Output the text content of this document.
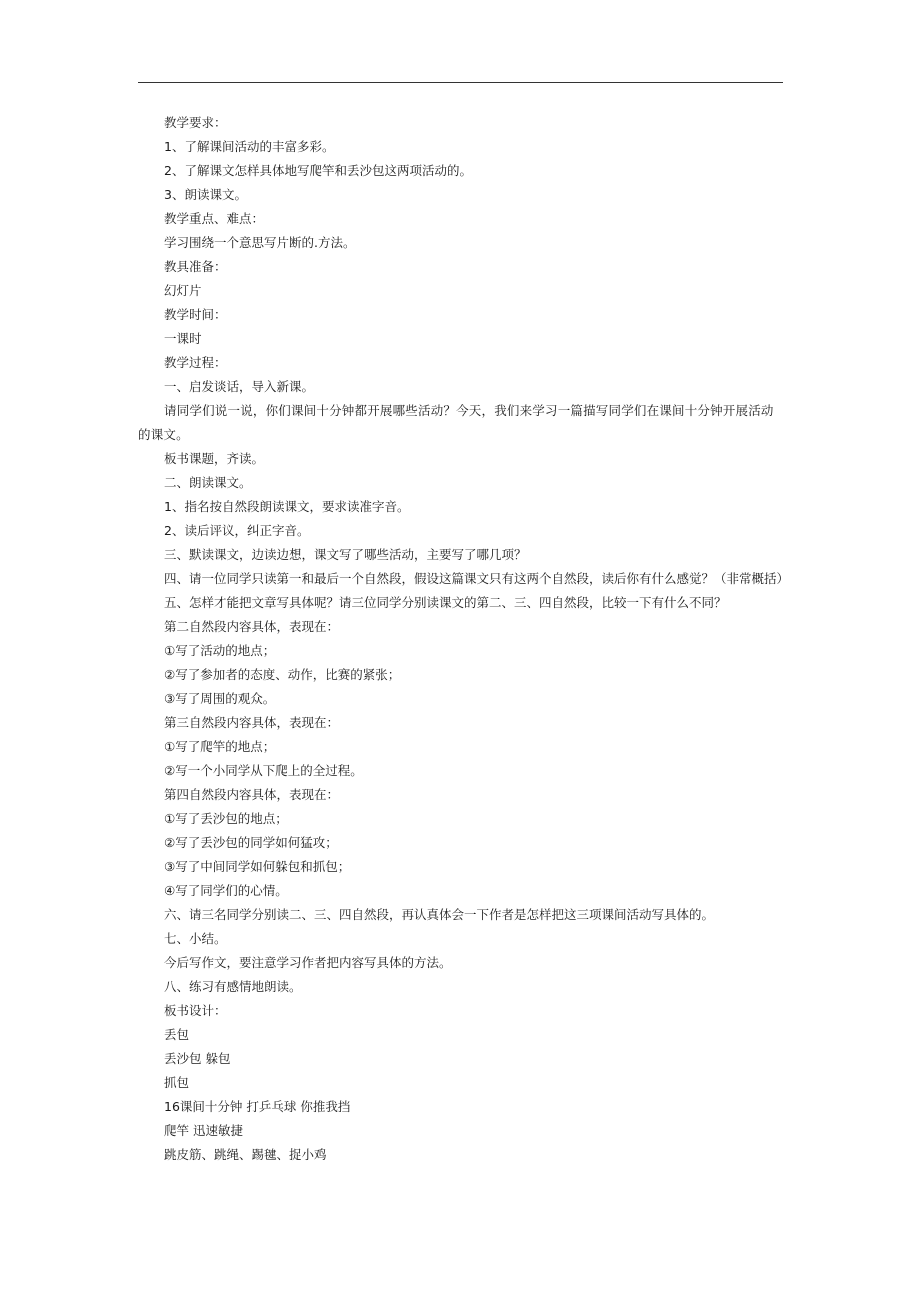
教学要求：
1、了解课间活动的丰富多彩。
2、了解课文怎样具体地写爬竿和丢沙包这两项活动的。
3、朗读课文。
教学重点、难点：
学习围绕一个意思写片断的.方法。
教具准备：
幻灯片
教学时间：
一课时
教学过程：
一、启发谈话，导入新课。
请同学们说一说，你们课间十分钟都开展哪些活动？今天，我们来学习一篇描写同学们在课间十分钟开展活动的课文。
板书课题，齐读。
二、朗读课文。
1、指名按自然段朗读课文，要求读准字音。
2、读后评议，纠正字音。
三、默读课文，边读边想，课文写了哪些活动，主要写了哪几项？
四、请一位同学只读第一和最后一个自然段，假设这篇课文只有这两个自然段，读后你有什么感觉？（非常概括）
五、怎样才能把文章写具体呢？请三位同学分别读课文的第二、三、四自然段，比较一下有什么不同？
第二自然段内容具体，表现在：
①写了活动的地点；
②写了参加者的态度、动作，比赛的紧张；
③写了周围的观众。
第三自然段内容具体，表现在：
①写了爬竿的地点；
②写一个小同学从下爬上的全过程。
第四自然段内容具体，表现在：
①写了丢沙包的地点；
②写了丢沙包的同学如何猛攻；
③写了中间同学如何躲包和抓包；
④写了同学们的心情。
六、请三名同学分别读二、三、四自然段，再认真体会一下作者是怎样把这三项课间活动写具体的。
七、小结。
今后写作文，要注意学习作者把内容写具体的方法。
八、练习有感情地朗读。
板书设计：
丢包
丢沙包 躲包
抓包
16课间十分钟 打乒乓球 你推我挡
爬竿 迅速敏捷
跳皮筋、跳绳、踢毽、捉小鸡
